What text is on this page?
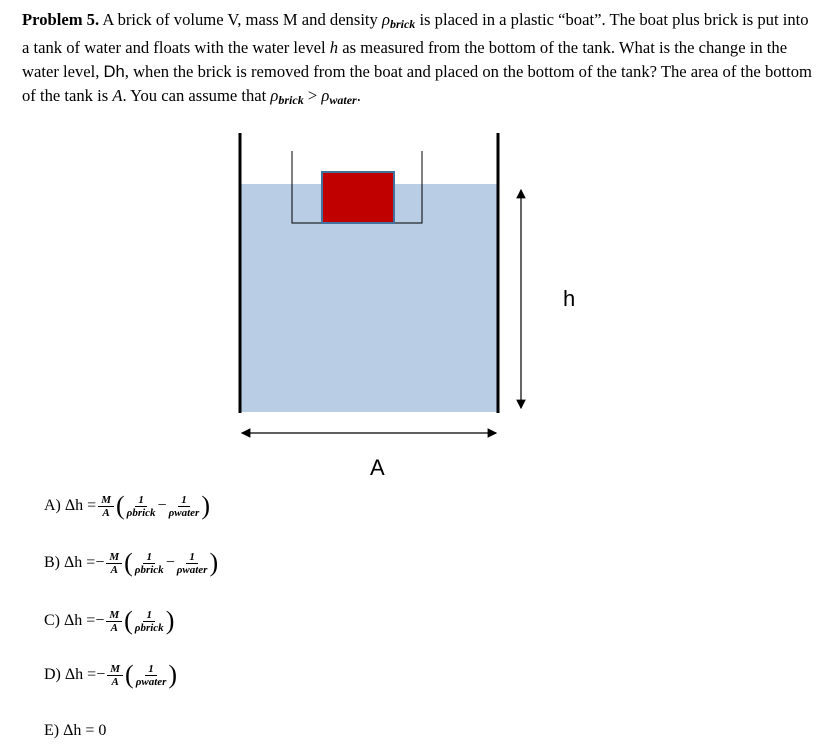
Problem 5. A brick of volume V, mass M and density $\rho_{brick}$ is placed in a plastic “boat”. The boat plus brick is put into a tank of water and floats with the water level h as measured from the bottom of the tank. What is the change in the water level, Dh, when the brick is removed from the boat and placed on the bottom of the tank? The area of the bottom of the tank is A. You can assume that $\rho_{brick} > \rho_{water}$.
h
A
A) $\Delta h = \frac{M}{A}$ ( $\frac{1}{\text{ρbrick}} - \frac{1}{\text{ρwater}}$ )
B) Δh = − $\frac{M}{A}$ ( $\frac{1}{\text{ρbrick}} - \frac{1}{\text{ρwater}}$ )
C) Δh = − $\frac{M}{A}$ ( $\frac{1}{\text{ρbrick}}$ )
D) Δh = − $\frac{M}{A}$ ( $\frac{1}{\text{ρwater}}$ )
E) Δh = 0
